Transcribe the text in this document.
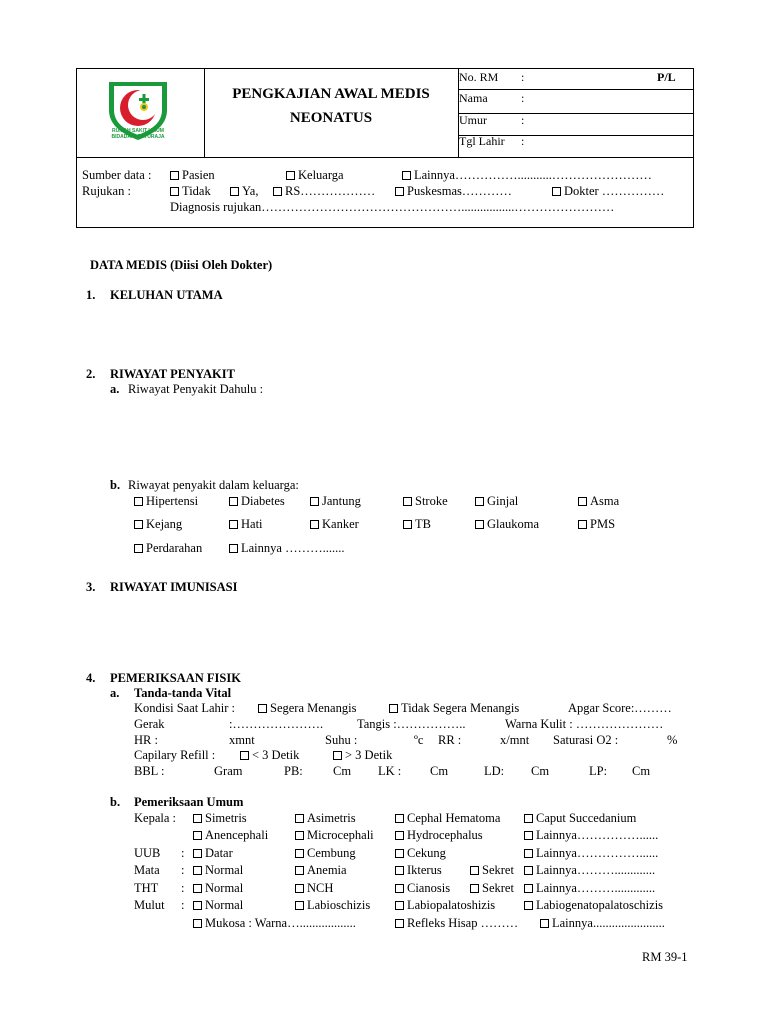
RUMAH SAKIT UMUM BIDADARI BATURAJA
PENGKAJIAN AWAL MEDIS
NEONATUS
No. RM :	P/L
Nama	:
Umur	:
Tgl Lahir :
Sumber data :	Pasien	Keluarga	Lainnya……………...........……………………
Rujukan :	Tidak	Ya,	RS………………	Puskesmas…………	Dokter ……………
Diagnosis rujukan………………………………………….................……………………
DATA MEDIS (Diisi Oleh Dokter)
1. KELUHAN UTAMA
2. RIWAYAT PENYAKIT
a. Riwayat Penyakit Dahulu :
b. Riwayat penyakit dalam keluarga:
Hipertensi	Diabetes	Jantung	Stroke	Ginjal	Asma
Kejang	Hati	Kanker	TB	Glaukoma	PMS
Perdarahan	Lainnya ……….......
3. RIWAYAT IMUNISASI
4. PEMERIKSAAN FISIK
a. Tanda-tanda Vital
Kondisi Saat Lahir :	Segera Menangis	Tidak Segera Menangis	Apgar Score:………
Gerak	:………………….	Tangis :……………..	Warna Kulit : …………………
HR :	xmnt	Suhu :	ºc RR :	x/mnt Saturasi O2 :	%
Capilary Refill :	< 3 Detik	> 3 Detik
BBL :	Gram	PB: Cm LK : Cm	LD: Cm	LP: Cm
b. Pemeriksaan Umum
Kepala :	Simetris	Asimetris	Cephal Hematoma	Caput Succedanium
Anencephali	Microcephali	Hydrocephalus	Lainnya……………......
UUB :	Datar	Cembung	Cekung	Lainnya……………......
Mata :	Normal	Anemia	Ikterus	Sekret	Lainnya……….............
THT :	Normal	NCH	Cianosis	Sekret	Lainnya……….............
Mulut :	Normal	Labioschizis	Labiopalatoshizis	Labiogenatopalatoschizis
Mukosa : Warna…..................	Refleks Hisap ………	Lainnya.......................
RM 39-1
